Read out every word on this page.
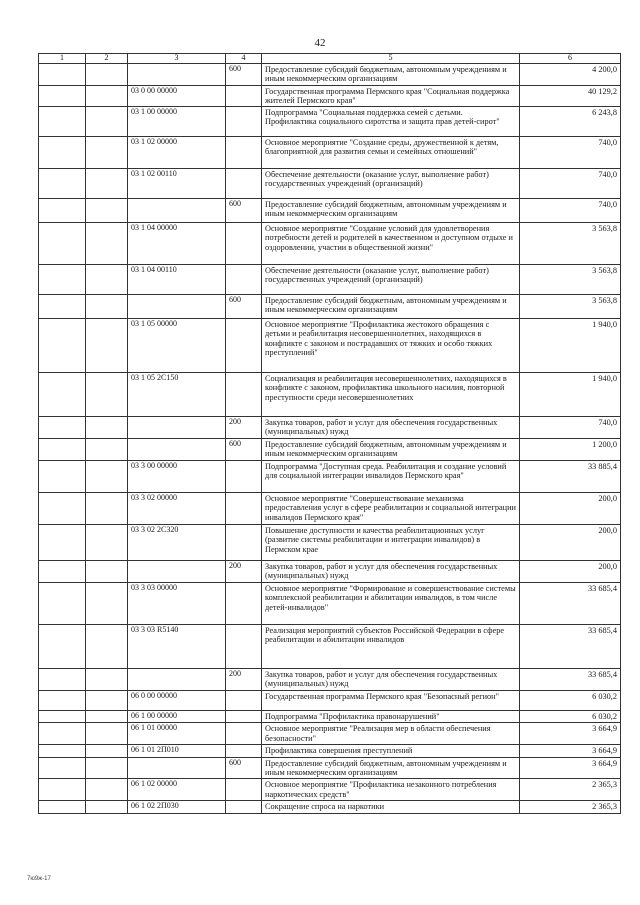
42
1	2	3	4	5	6
			600	Предоставление субсидий бюджетным, автономным учреждениям и иным некоммерческим организациям	4 200,0
		03 0 00 00000		Государственная программа Пермского края "Социальная поддержка жителей Пермского края"	40 129,2
		03 1 00 00000		Подпрограмма "Социальная поддержка семей с детьми. Профилактика социального сиротства и защита прав детей-сирот"	6 243,8
		03 1 02 00000		Основное мероприятие "Создание среды, дружественной к детям, благоприятной для развития семьи и семейных отношений"	740,0
		03 1 02 00110		Обеспечение деятельности (оказание услуг, выполнение работ) государственных учреждений (организаций)	740,0
			600	Предоставление субсидий бюджетным, автономным учреждениям и иным некоммерческим организациям	740,0
		03 1 04 00000		Основное мероприятие "Создание условий для удовлетворения потребности детей и родителей в качественном и доступном отдыхе и оздоровлении, участии в общественной жизни"	3 563,8
		03 1 04 00110		Обеспечение деятельности (оказание услуг, выполнение работ) государственных учреждений (организаций)	3 563,8
			600	Предоставление субсидий бюджетным, автономным учреждениям и иным некоммерческим организациям	3 563,8
		03 1 05 00000		Основное мероприятие "Профилактика жестокого обращения с детьми и реабилитация несовершеннолетних, находящихся в конфликте с законом и пострадавших от тяжких и особо тяжких преступлений"	1 940,0
		03 1 05 2С150		Социализация и реабилитация несовершеннолетних, находящихся в конфликте с законом, профилактика школьного насилия, повторной преступности среди несовершеннолетних	1 940,0
			200	Закупка товаров, работ и услуг для обеспечения государственных (муниципальных) нужд	740,0
			600	Предоставление субсидий бюджетным, автономным учреждениям и иным некоммерческим организациям	1 200,0
		03 3 00 00000		Подпрограмма "Доступная среда. Реабилитация и создание условий для социальной интеграции инвалидов Пермского края"	33 885,4
		03 3 02 00000		Основное мероприятие "Совершенствование механизма предоставления услуг в сфере реабилитации и социальной интеграции инвалидов Пермского края"	200,0
		03 3 02 2С320		Повышение доступности и качества реабилитационных услуг (развитие системы реабилитации и интеграции инвалидов) в Пермском крае	200,0
			200	Закупка товаров, работ и услуг для обеспечения государственных (муниципальных) нужд	200,0
		03 3 03 00000		Основное мероприятие "Формирование и совершенствование системы комплексной реабилитации и абилитации инвалидов, в том числе детей-инвалидов"	33 685,4
		03 3 03 R5140		Реализация мероприятий субъектов Российской Федерации в сфере реабилитации и абилитации инвалидов	33 685,4
			200	Закупка товаров, работ и услуг для обеспечения государственных (муниципальных) нужд	33 685,4
		06 0 00 00000		Государственная программа Пермского края "Безопасный регион"	6 030,2
		06 1 00 00000		Подпрограмма "Профилактика правонарушений"	6 030,2
		06 1 01 00000		Основное мероприятие "Реализация мер в области обеспечения безопасности"	3 664,9
		06 1 01 2П010		Профилактика совершения преступлений	3 664,9
			600	Предоставление субсидий бюджетным, автономным учреждениям и иным некоммерческим организациям	3 664,9
		06 1 02 00000		Основное мероприятие "Профилактика незаконного потребления наркотических средств"	2 365,3
		06 1 02 2П030		Сокращение спроса на наркотики	2 365,3
7ю9ж-17
